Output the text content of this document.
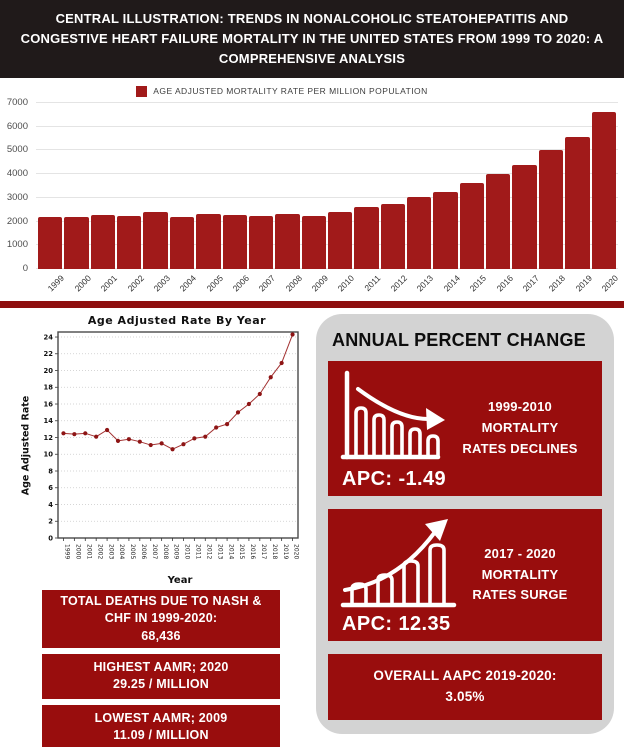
CENTRAL ILLUSTRATION: TRENDS IN NONALCOHOLIC STEATOHEPATITIS AND CONGESTIVE HEART FAILURE MORTALITY IN THE UNITED STATES FROM 1999 TO 2020: A COMPREHENSIVE ANALYSIS
AGE ADJUSTED MORTALITY RATE PER MILLION POPULATION
0
1000
2000
3000
4000
5000
6000
7000
1999 2000 2001 2002 2003 2004 2005 2006 2007 2008 2009 2010 2011 2012 2013 2014 2015 2016 2017 2018 2019 2020
Age Adjusted Rate By Year
Age Adjusted Rate
0
2
4
6
8
10
12
14
16
18
20
22
24
1999 2000 2001 2002 2003 2004 2005 2006 2007 2008 2009 2010 2011 2012 2013 2014 2015 2016 2017 2018 2019 2020
Year
TOTAL DEATHS DUE TO NASH &
CHF IN 1999-2020:
68,436
HIGHEST AAMR; 2020
29.25 / MILLION
LOWEST AAMR; 2009
11.09 / MILLION
ANNUAL PERCENT CHANGE
1999-2010
MORTALITY
RATES DECLINES
APC: -1.49
2017 - 2020
MORTALITY
RATES SURGE
APC: 12.35
OVERALL AAPC 2019-2020:
3.05%
